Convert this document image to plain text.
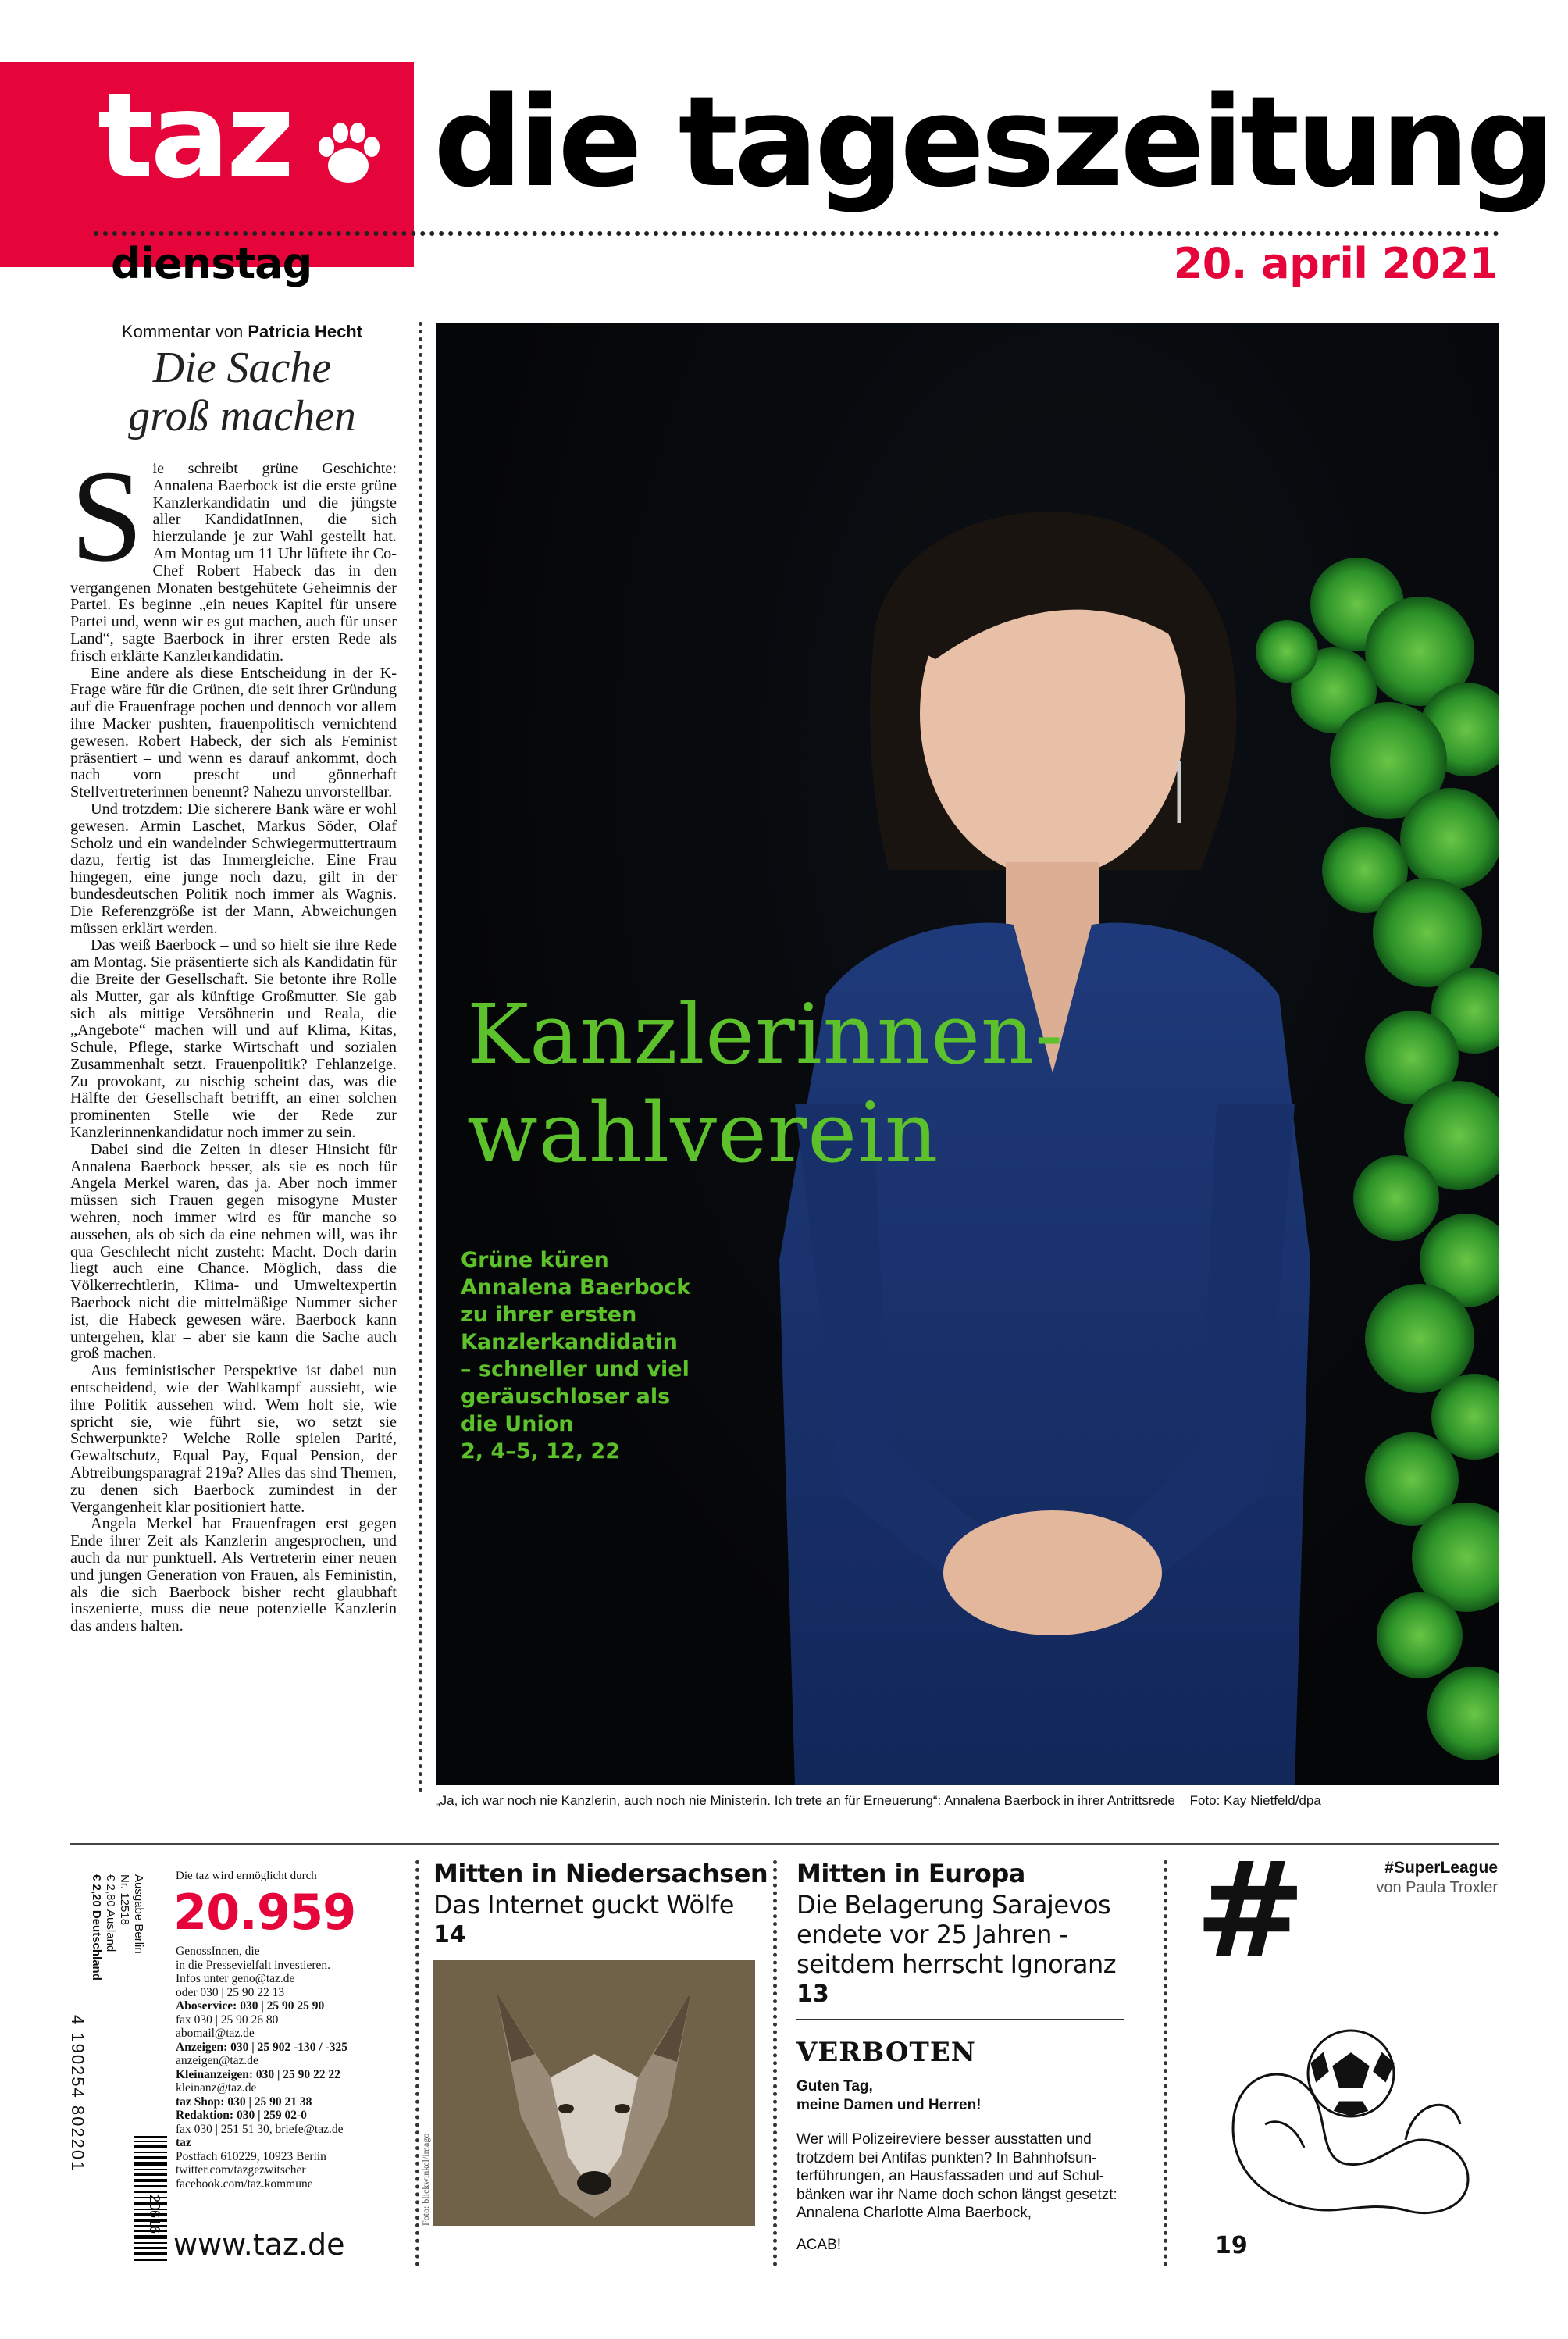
taz die tageszeitung
dienstag	20. april 2021
Kommentar von Patricia Hecht
Die Sache
groß machen

Sie schreibt grüne Geschichte: Annalena Baerbock ist die erste grüne Kanzlerkandidatin und die jüngste aller KandidatInnen, die sich hierzulande je zur Wahl gestellt hat. Am Montag um 11 Uhr lüftete ihr Co-Chef Robert Habeck das in den vergangenen Monaten bestgehütete Geheimnis der Partei. Es beginne „ein neues Kapitel für unsere Partei und, wenn wir es gut machen, auch für unser Land“, sagte Baerbock in ihrer ersten Rede als frisch erklärte Kanzlerkandidatin.

Eine andere als diese Entscheidung in der K-Frage wäre für die Grünen, die seit ihrer Gründung auf die Frauenfrage pochen und dennoch vor allem ihre Macker pushten, frauenpolitisch vernichtend gewesen. Robert Habeck, der sich als Feminist präsentiert – und wenn es darauf ankommt, doch nach vorn prescht und gönnerhaft Stellvertreterinnen benennt? Nahezu unvorstellbar.

Und trotzdem: Die sicherere Bank wäre er wohl gewesen. Armin Laschet, Markus Söder, Olaf Scholz und ein wandelnder Schwiegermuttertraum dazu, fertig ist das Immergleiche. Eine Frau hingegen, eine junge noch dazu, gilt in der bundesdeutschen Politik noch immer als Wagnis. Die Referenzgröße ist der Mann, Abweichungen müssen erklärt werden.

Das weiß Baerbock – und so hielt sie ihre Rede am Montag. Sie präsentierte sich als Kandidatin für die Breite der Gesellschaft. Sie betonte ihre Rolle als Mutter, gar als künftige Großmutter. Sie gab sich als mittige Versöhnerin und Reala, die „Angebote“ machen will und auf Klima, Kitas, Schule, Pflege, starke Wirtschaft und sozialen Zusammenhalt setzt. Frauenpolitik? Fehlanzeige. Zu provokant, zu nischig scheint das, was die Hälfte der Gesellschaft betrifft, an einer solchen prominenten Stelle wie der Rede zur Kanzlerinnenkandidatur noch immer zu sein.

Dabei sind die Zeiten in dieser Hinsicht für Annalena Baerbock besser, als sie es noch für Angela Merkel waren, das ja. Aber noch immer müssen sich Frauen gegen misogyne Muster wehren, noch immer wird es für manche so aussehen, als ob sich da eine nehmen will, was ihr qua Geschlecht nicht zusteht: Macht. Doch darin liegt auch eine Chance. Möglich, dass die Völkerrechtlerin, Klima- und Umweltexpertin Baerbock nicht die mittelmäßige Nummer sicher ist, die Habeck gewesen wäre. Baerbock kann untergehen, klar – aber sie kann die Sache auch groß machen.

Aus feministischer Perspektive ist dabei nun entscheidend, wie der Wahlkampf aussieht, wie ihre Politik aussehen wird. Wem holt sie, wie spricht sie, wie führt sie, wo setzt sie Schwerpunkte? Welche Rolle spielen Parité, Gewaltschutz, Equal Pay, Equal Pension, der Abtreibungsparagraf 219a? Alles das sind Themen, zu denen sich Baerbock zumindest in der Vergangenheit klar positioniert hatte.

Angela Merkel hat Frauenfragen erst gegen Ende ihrer Zeit als Kanzlerin angesprochen, und auch da nur punktuell. Als Vertreterin einer neuen und jungen Generation von Frauen, als Feministin, als die sich Baerbock bisher recht glaubhaft inszenierte, muss die neue potenzielle Kanzlerin das anders halten.

Kanzlerinnen-
wahlverein
Grüne küren
Annalena Baerbock
zu ihrer ersten
Kanzlerkandidatin
– schneller und viel
geräuschloser als
die Union
2, 4–5, 12, 22
„Ja, ich war noch nie Kanzlerin, auch noch nie Ministerin. Ich trete an für Erneuerung“: Annalena Baerbock in ihrer Antrittsrede Foto: Kay Nietfeld/dpa
Ausgabe Berlin
Nr. 12518
€ 2,80 Ausland
€ 2,20 Deutschland
4 190254 802201
20616
Die taz wird ermöglicht durch
20.959
GenossInnen, die
in die Pressevielfalt investieren.
Infos unter geno@taz.de
oder 030 | 25 90 22 13
Aboservice: 030 | 25 90 25 90
fax 030 | 25 90 26 80
abomail@taz.de
Anzeigen: 030 | 25 902 -130 / -325
anzeigen@taz.de
Kleinanzeigen: 030 | 25 90 22 22
kleinanz@taz.de
taz Shop: 030 | 25 90 21 38
Redaktion: 030 | 259 02-0
fax 030 | 251 51 30, briefe@taz.de
taz
Postfach 610229, 10923 Berlin
twitter.com/tazgezwitscher
facebook.com/taz.kommune
www.taz.de
Mitten in Niedersachsen
Das Internet guckt Wölfe
14
Foto: blickwinkel/imago
Mitten in Europa
Die Belagerung Sarajevos
endete vor 25 Jahren -
seitdem herrscht Ignoranz
13
VERBOTEN
Guten Tag,
meine Damen und Herren!
Wer will Polizeireviere besser ausstatten und
trotzdem bei Antifas punkten? In Bahnhofsun-
terführungen, an Hausfassaden und auf Schul-
bänken war ihr Name doch schon längst gesetzt:
Annalena Charlotte Alma Baerbock,
ACAB!
#	#SuperLeague
von Paula Troxler
19
